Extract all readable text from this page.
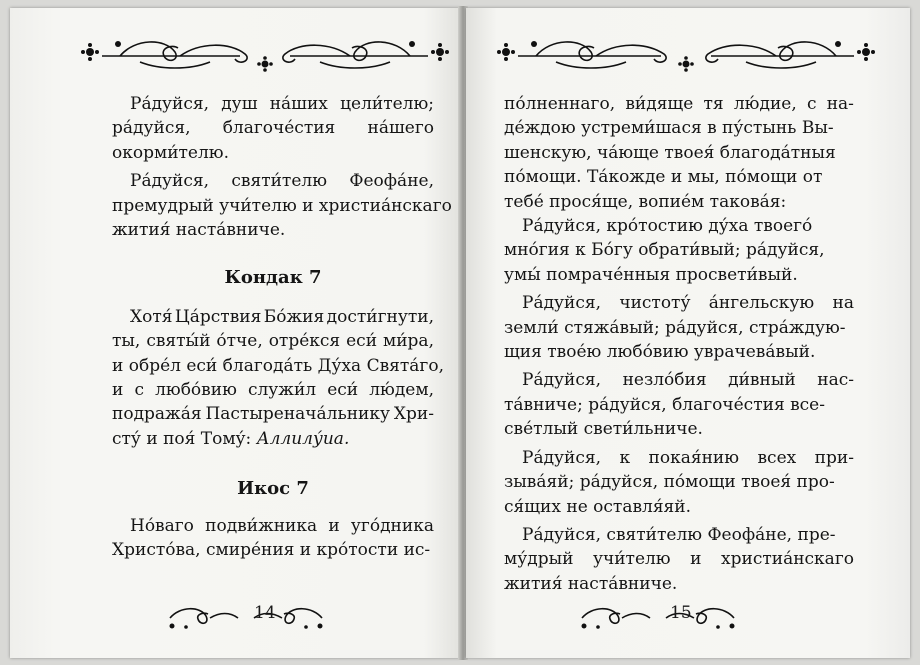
Ра́дуйся, душ на́ших цели́телю;
ра́дуйся, благоче́стия на́шего
окорми́телю.
Ра́дуйся, святи́телю Феофа́не,
премудрый учи́телю и христиа́нскаго
жития́ наста́вниче.
Кондак 7
Хотя́ Ца́рствия Бо́жия дости́гнути,
ты, святы́й о́тче, отре́кся еси́ ми́ра,
и обре́л еси́ благода́ть Ду́ха Свята́го,
и с любо́вию служи́л еси́ лю́дем,
подража́я Пастыренача́льнику Хри-
сту́ и поя́ Тому́: Аллилу́иа.
Икос 7
Но́ваго подви́жника и уго́дника
Христо́ва, смире́ния и кро́тости ис-
14
по́лненнаго, ви́дяще тя лю́дие, с на-
де́ждою устреми́шася в пу́стынь Вы-
шенскую, ча́юще твоея́ благода́тныя
по́мощи. Та́кожде и мы, по́мощи от
тебе́ прося́ще, вопие́м такова́я:
Ра́дуйся, кро́тостию ду́ха твоего́
мно́гия к Бо́гу обрати́вый; ра́дуйся,
умы́ помраче́нныя просвети́вый.
Ра́дуйся, чистоту́ а́нгельскую на
земли́ стяжа́вый; ра́дуйся, стра́ждую-
щия твое́ю любо́вию уврачева́вый.
Ра́дуйся, незло́бия ди́вный нас-
та́вниче; ра́дуйся, благоче́стия все-
све́тлый свети́льниче.
Ра́дуйся, к покая́нию всех при-
зыва́яй; ра́дуйся, по́мощи твоея́ про-
ся́щих не оставля́яй.
Ра́дуйся, святи́телю Феофа́не, пре-
му́дрый учи́телю и христиа́нскаго
жития́ наста́вниче.
15
